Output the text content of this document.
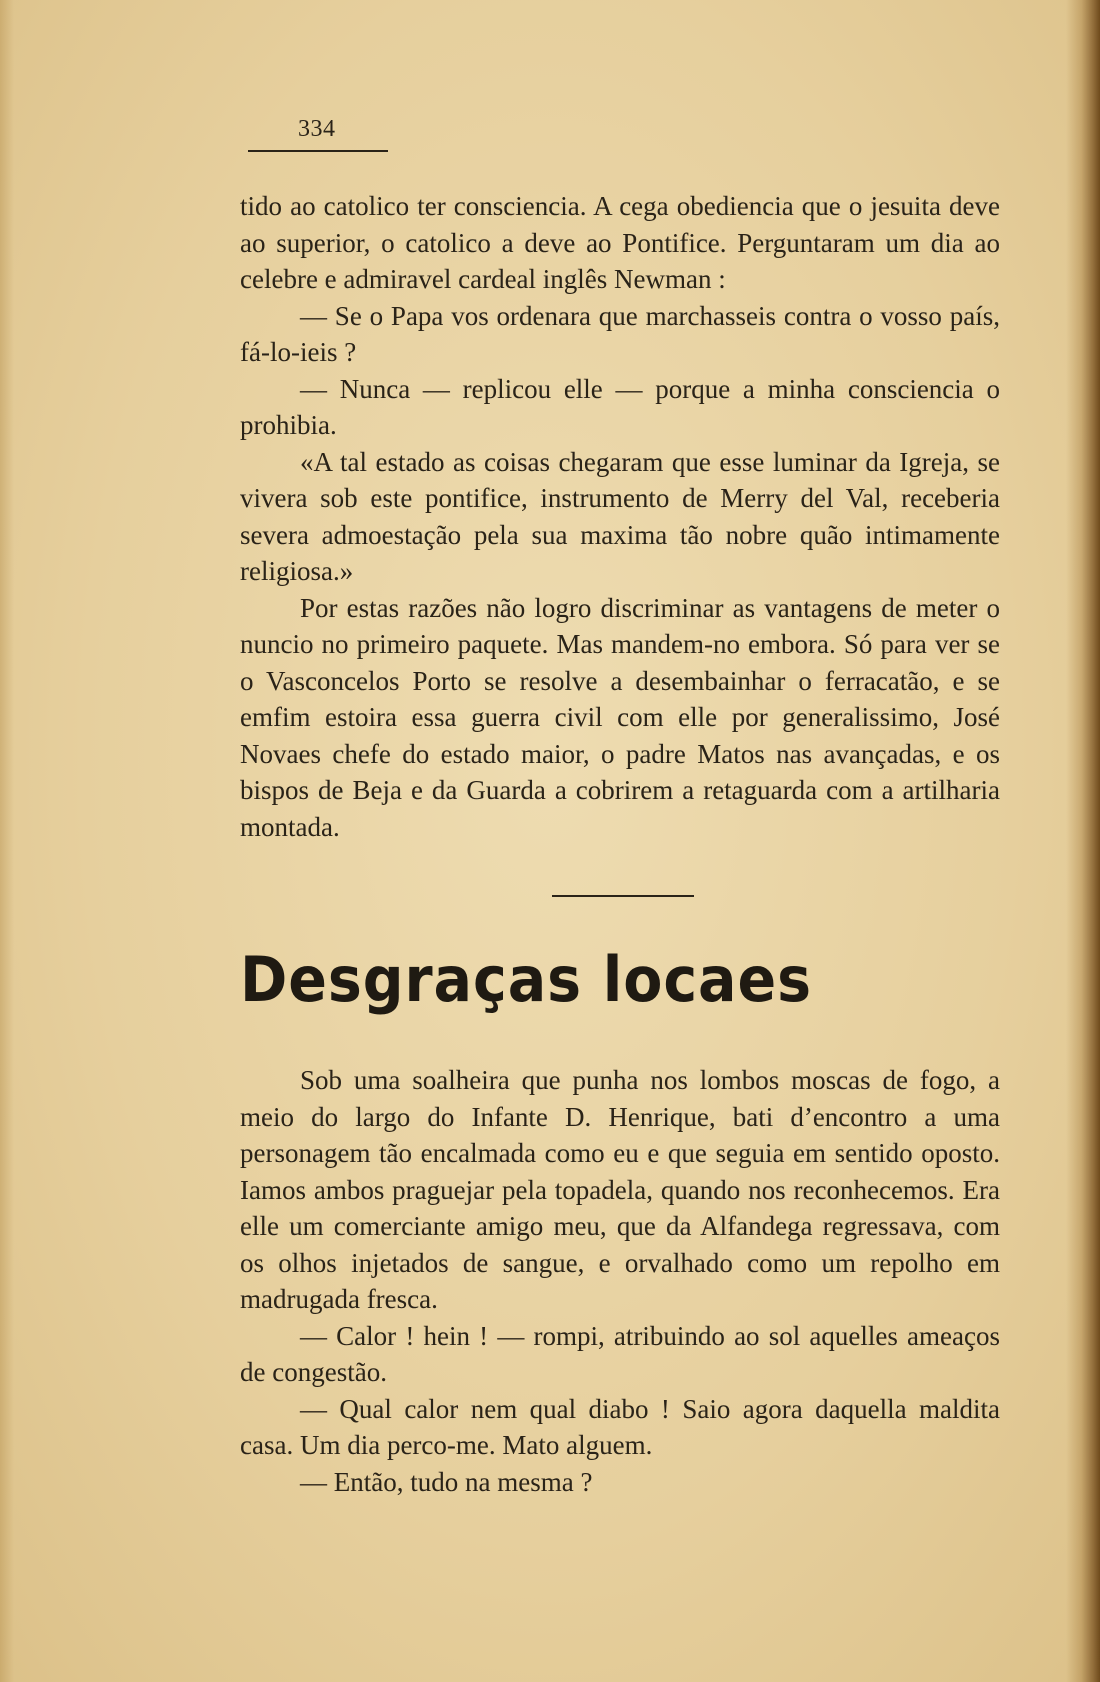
334

tido ao catolico ter consciencia. A cega obediencia que o jesuita deve ao superior, o catolico a deve ao Pontifice. Perguntaram um dia ao celebre e admiravel cardeal inglês Newman :

— Se o Papa vos ordenara que marchasseis contra o vosso país, fá-lo-ieis ?

— Nunca — replicou elle — porque a minha consciencia o prohibia.

«A tal estado as coisas chegaram que esse luminar da Igreja, se vivera sob este pontifice, instrumento de Merry del Val, receberia severa admoestação pela sua maxima tão nobre quão intimamente religiosa.»

Por estas razões não logro discriminar as vantagens de meter o nuncio no primeiro paquete. Mas mandem-no embora. Só para ver se o Vasconcelos Porto se resolve a desembainhar o ferracatão, e se emfim estoira essa guerra civil com elle por generalissimo, José Novaes chefe do estado maior, o padre Matos nas avançadas, e os bispos de Beja e da Guarda a cobrirem a retaguarda com a artilharia montada.

Desgraças locaes

Sob uma soalheira que punha nos lombos moscas de fogo, a meio do largo do Infante D. Henrique, bati d’encontro a uma personagem tão encalmada como eu e que seguia em sentido oposto. Iamos ambos praguejar pela topadela, quando nos reconhecemos. Era elle um comerciante amigo meu, que da Alfandega regressava, com os olhos injetados de sangue, e orvalhado como um repolho em madrugada fresca.

— Calor ! hein ! — rompi, atribuindo ao sol aquelles ameaços de congestão.

— Qual calor nem qual diabo ! Saio agora daquella maldita casa. Um dia perco-me. Mato alguem.

— Então, tudo na mesma ?
